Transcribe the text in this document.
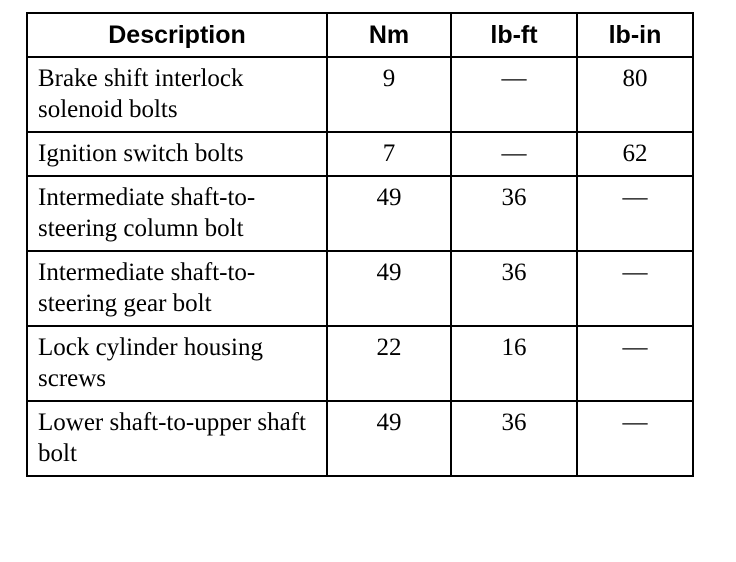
Description	Nm	lb-ft	lb-in
Brake shift interlock solenoid bolts	9	—	80
Ignition switch bolts	7	—	62
Intermediate shaft-to-steering column bolt	49	36	—
Intermediate shaft-to-steering gear bolt	49	36	—
Lock cylinder housing screws	22	16	—
Lower shaft-to-upper shaft bolt	49	36	—
